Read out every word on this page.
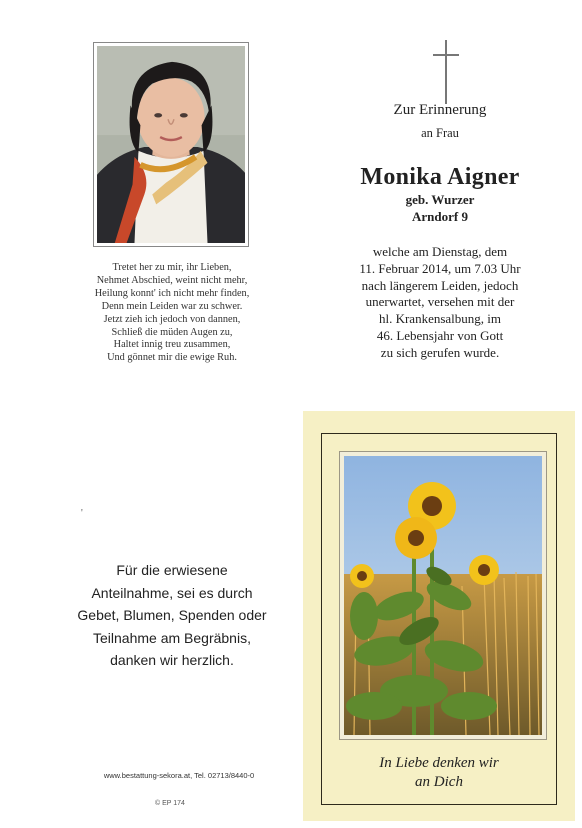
Tretet her zu mir, ihr Lieben,
Nehmet Abschied, weint nicht mehr,
Heilung konnt' ich nicht mehr finden,
Denn mein Leiden war zu schwer.
Jetzt zieh ich jedoch von dannen,
Schließ die müden Augen zu,
Haltet innig treu zusammen,
Und gönnet mir die ewige Ruh.
Zur Erinnerung
an Frau
Monika Aigner
geb. Wurzer
Arndorf 9
welche am Dienstag, dem
11. Februar 2014, um 7.03 Uhr
nach längerem Leiden, jedoch
unerwartet, versehen mit der
hl. Krankensalbung, im
46. Lebensjahr von Gott
zu sich gerufen wurde.
'
Für die erwiesene
Anteilnahme, sei es durch
Gebet, Blumen, Spenden oder
Teilnahme am Begräbnis,
danken wir herzlich.
www.bestattung-sekora.at, Tel. 02713/8440-0
© EP 174
In Liebe denken wir
an Dich
